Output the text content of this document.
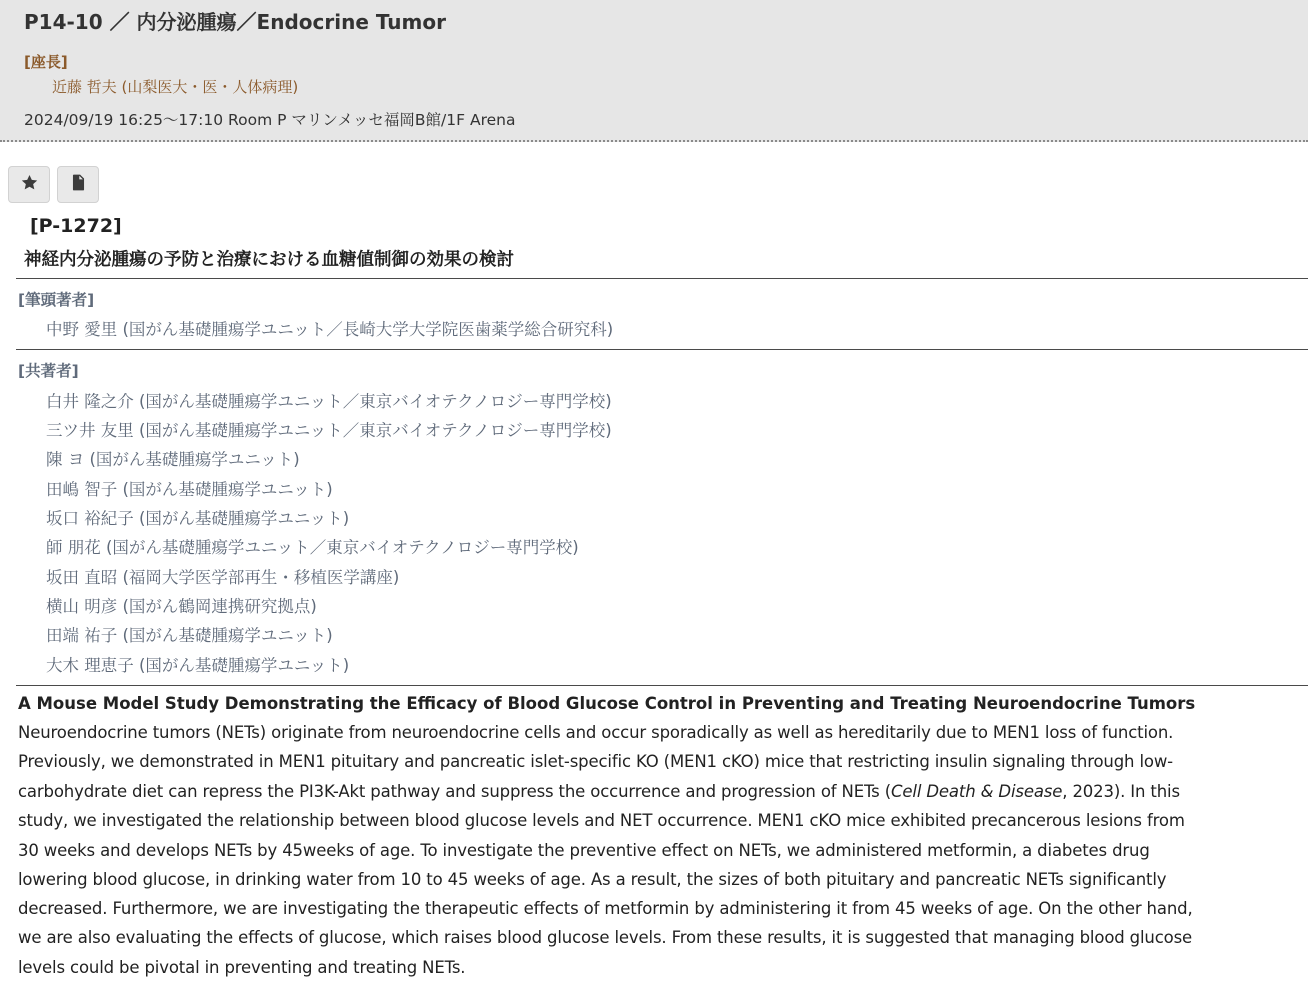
P14-10 ／ 内分泌腫瘍／Endocrine Tumor
[座長]
近藤 哲夫 (山梨医大・医・人体病理)
2024/09/19 16:25〜17:10 Room P マリンメッセ福岡B館/1F Arena
[P-1272]
神経内分泌腫瘍の予防と治療における血糖値制御の効果の検討
[筆頭著者]
中野 愛里 (国がん基礎腫瘍学ユニット／長崎大学大学院医歯薬学総合研究科)
[共著者]
白井 隆之介 (国がん基礎腫瘍学ユニット／東京バイオテクノロジー専門学校)
三ツ井 友里 (国がん基礎腫瘍学ユニット／東京バイオテクノロジー専門学校)
陳 ヨ (国がん基礎腫瘍学ユニット)
田嶋 智子 (国がん基礎腫瘍学ユニット)
坂口 裕紀子 (国がん基礎腫瘍学ユニット)
師 朋花 (国がん基礎腫瘍学ユニット／東京バイオテクノロジー専門学校)
坂田 直昭 (福岡大学医学部再生・移植医学講座)
横山 明彦 (国がん鶴岡連携研究拠点)
田端 祐子 (国がん基礎腫瘍学ユニット)
大木 理恵子 (国がん基礎腫瘍学ユニット)
A Mouse Model Study Demonstrating the Efficacy of Blood Glucose Control in Preventing and Treating Neuroendocrine Tumors
Neuroendocrine tumors (NETs) originate from neuroendocrine cells and occur sporadically as well as hereditarily due to MEN1 loss of function.
Previously, we demonstrated in MEN1 pituitary and pancreatic islet-specific KO (MEN1 cKO) mice that restricting insulin signaling through low-
carbohydrate diet can repress the PI3K-Akt pathway and suppress the occurrence and progression of NETs (Cell Death & Disease, 2023). In this
study, we investigated the relationship between blood glucose levels and NET occurrence. MEN1 cKO mice exhibited precancerous lesions from
30 weeks and develops NETs by 45weeks of age. To investigate the preventive effect on NETs, we administered metformin, a diabetes drug
lowering blood glucose, in drinking water from 10 to 45 weeks of age. As a result, the sizes of both pituitary and pancreatic NETs significantly
decreased. Furthermore, we are investigating the therapeutic effects of metformin by administering it from 45 weeks of age. On the other hand,
we are also evaluating the effects of glucose, which raises blood glucose levels. From these results, it is suggested that managing blood glucose
levels could be pivotal in preventing and treating NETs.
